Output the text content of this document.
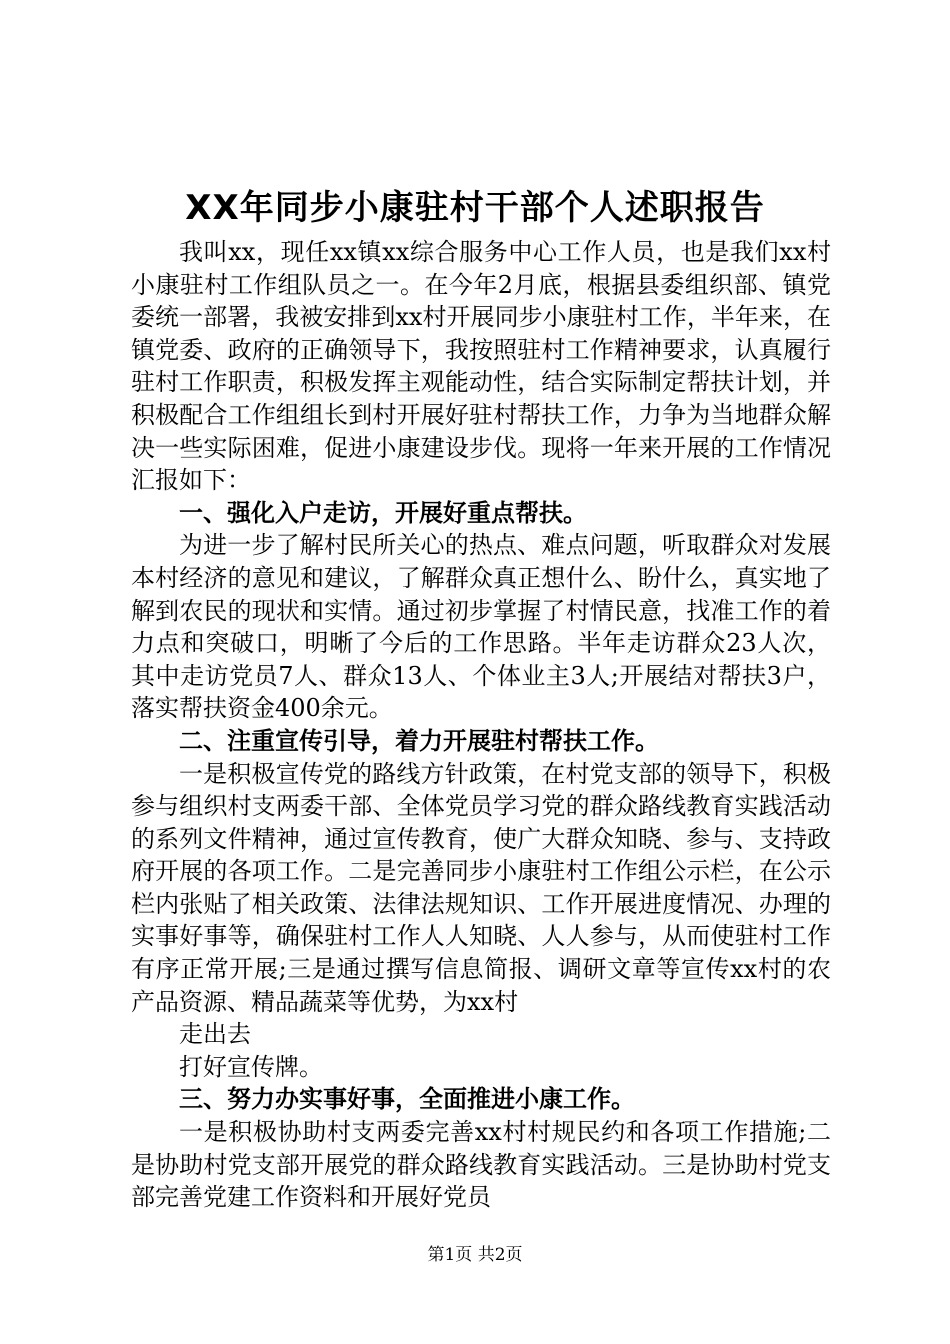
XX年同步小康驻村干部个人述职报告

我叫xx，现任xx镇xx综合服务中心工作人员，也是我们xx村小康驻村工作组队员之一。在今年2月底，根据县委组织部、镇党委统一部署，我被安排到xx村开展同步小康驻村工作，半年来，在镇党委、政府的正确领导下，我按照驻村工作精神要求，认真履行驻村工作职责，积极发挥主观能动性，结合实际制定帮扶计划，并积极配合工作组组长到村开展好驻村帮扶工作，力争为当地群众解决一些实际困难，促进小康建设步伐。现将一年来开展的工作情况汇报如下：

一、强化入户走访，开展好重点帮扶。

为进一步了解村民所关心的热点、难点问题，听取群众对发展本村经济的意见和建议，了解群众真正想什么、盼什么，真实地了解到农民的现状和实情。通过初步掌握了村情民意，找准工作的着力点和突破口，明晰了今后的工作思路。半年走访群众23人次，其中走访党员7人、群众13人、个体业主3人;开展结对帮扶3户，落实帮扶资金400余元。

二、注重宣传引导，着力开展驻村帮扶工作。

一是积极宣传党的路线方针政策，在村党支部的领导下，积极参与组织村支两委干部、全体党员学习党的群众路线教育实践活动的系列文件精神，通过宣传教育，使广大群众知晓、参与、支持政府开展的各项工作。二是完善同步小康驻村工作组公示栏，在公示栏内张贴了相关政策、法律法规知识、工作开展进度情况、办理的实事好事等，确保驻村工作人人知晓、人人参与，从而使驻村工作有序正常开展;三是通过撰写信息简报、调研文章等宣传xx村的农产品资源、精品蔬菜等优势，为xx村

走出去

打好宣传牌。

三、努力办实事好事，全面推进小康工作。

一是积极协助村支两委完善xx村村规民约和各项工作措施;二是协助村党支部开展党的群众路线教育实践活动。三是协助村党支部完善党建工作资料和开展好党员

第1页 共2页
